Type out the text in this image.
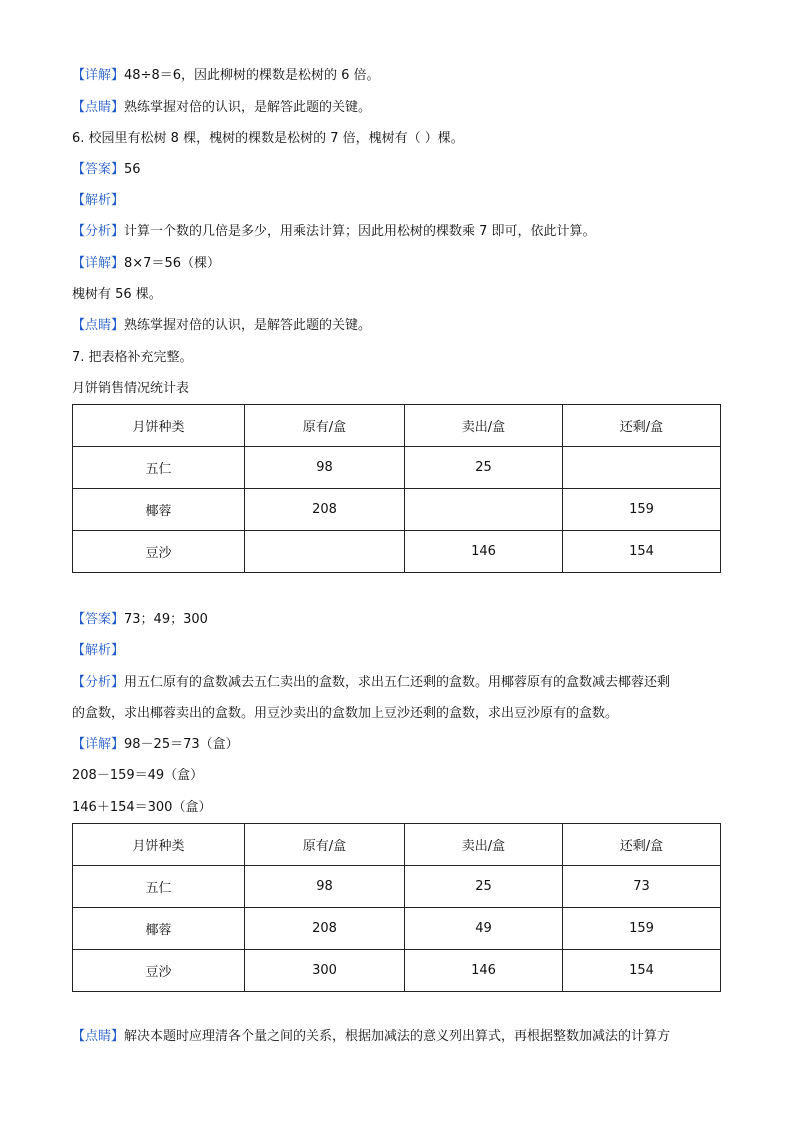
【详解】48÷8＝6，因此柳树的棵数是松树的 6 倍。
【点睛】熟练掌握对倍的认识，是解答此题的关键。
6. 校园里有松树 8 棵，槐树的棵数是松树的 7 倍，槐树有（ ）棵。
【答案】56
【解析】
【分析】计算一个数的几倍是多少，用乘法计算；因此用松树的棵数乘 7 即可，依此计算。
【详解】8×7＝56（棵）
槐树有 56 棵。
【点睛】熟练掌握对倍的认识，是解答此题的关键。
7. 把表格补充完整。
月饼销售情况统计表
月饼种类	原有/盒	卖出/盒	还剩/盒
五仁	98	25	
椰蓉	208		159
豆沙		146	154
【答案】73；49；300
【解析】
【分析】用五仁原有的盒数减去五仁卖出的盒数，求出五仁还剩的盒数。用椰蓉原有的盒数减去椰蓉还剩
的盒数，求出椰蓉卖出的盒数。用豆沙卖出的盒数加上豆沙还剩的盒数，求出豆沙原有的盒数。
【详解】98－25＝73（盒）
208－159＝49（盒）
146＋154＝300（盒）
月饼种类	原有/盒	卖出/盒	还剩/盒
五仁	98	25	73
椰蓉	208	49	159
豆沙	300	146	154
【点睛】解决本题时应理清各个量之间的关系，根据加减法的意义列出算式，再根据整数加减法的计算方
